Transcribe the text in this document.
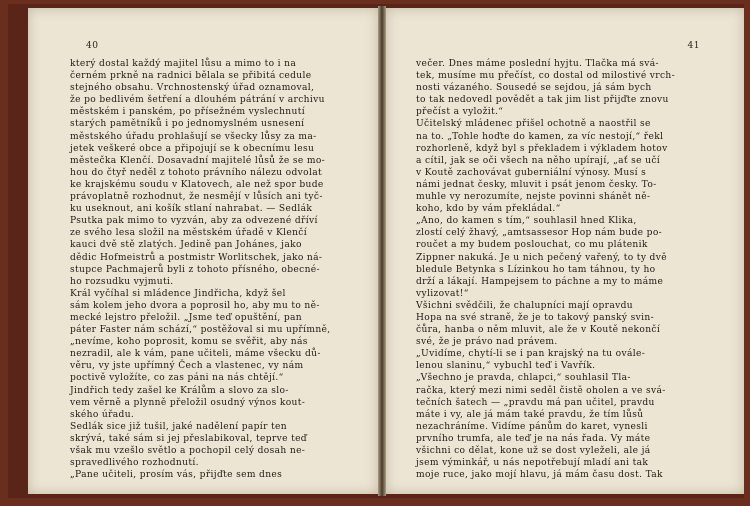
40
který dostal každý majitel lůsu a mimo to i na
černém prkně na radnici bělala se přibitá cedule
stejného obsahu. Vrchnostenský úřad oznamoval,
že po bedlivém šetření a dlouhém pátrání v archivu
městském i panském, po přísežném vyslechnutí
starých pamětníků i po jednomyslném usnesení
městského úřadu prohlašují se všecky lůsy za ma-
jetek veškeré obce a připojují se k obecnímu lesu
městečka Klenčí. Dosavadní majitelé lůsů že se mo-
hou do čtyř neděl z tohoto právního nálezu odvolat
ke krajskému soudu v Klatovech, ale než spor bude
právoplatně rozhodnut, že nesmějí v lůsích ani tyč-
ku useknout, ani košík stlaní nahrabat. — Sedlák
Psutka pak mimo to vyzván, aby za odvezené dříví
ze svého lesa složil na městském úřadě v Klenčí
kauci dvě stě zlatých. Jedině pan Johánes, jako
dědic Hofmeistrů a postmistr Worlitschek, jako ná-
stupce Pachmajerů byli z tohoto přísného, obecné-
ho rozsudku vyjmuti.
Král vyčíhal si mládence Jindřicha, když šel
sám kolem jeho dvora a poprosil ho, aby mu to ně-
mecké lejstro přeložil. „Jsme teď opuštění, pan
páter Faster nám schází,“ postěžoval si mu upřímně,
„nevíme, koho poprosit, komu se svěřit, aby nás
nezradil, ale k vám, pane učiteli, máme všecku dů-
věru, vy jste upřímný Čech a vlastenec, vy nám
poctivě vyložíte, co zas páni na nás chtějí.“
Jindřich tedy zašel ke Králům a slovo za slo-
vem věrně a plynně přeložil osudný výnos kout-
ského úřadu.
Sedlák sice již tušil, jaké nadělení papír ten
skrývá, také sám si jej přeslabikoval, teprve teď
však mu vzešlo světlo a pochopil celý dosah ne-
spravedlivého rozhodnutí.
„Pane učiteli, prosím vás, přijďte sem dnes
41
večer. Dnes máme poslední hyjtu. Tlačka má svá-
tek, musíme mu přečíst, co dostal od milostivé vrch-
nosti vázaného. Sousedé se sejdou, já sám bych
to tak nedovedl povědět a tak jim list přijďte znovu
přečíst a vyložit.“
Učitelský mládenec přišel ochotně a naostřil se
na to. „Tohle hoďte do kamen, za víc nestojí,“ řekl
rozhorleně, když byl s překladem i výkladem hotov
a cítil, jak se oči všech na něho upírají, „ať se učí
v Koutě zachovávat guberniální výnosy. Musí s
námi jednat česky, mluvit i psát jenom česky. To-
muhle vy nerozumíte, nejste povinni shánět ně-
koho, kdo by vám překládal.“
„Ano, do kamen s tím,“ souhlasil hned Klika,
zlostí celý žhavý, „amtsassesor Hop nám bude po-
roučet a my budem poslouchat, co mu plátenik
Zippner nakuká. Je u nich pečený vařený, to ty dvě
bledule Betynka s Lízinkou ho tam táhnou, ty ho
drží a lákají. Hampejsem to páchne a my to máme
vylizovat!“
Všichni svědčili, že chalupníci mají opravdu
Hopa na své straně, že je to takový panský svin-
čůra, hanba o něm mluvit, ale že v Koutě nekončí
své, že je právo nad právem.
„Uvidíme, chytí-li se i pan krajský na tu ovále-
lenou slaninu,“ vybuchl teď i Vavřík.
„Všechno je pravda, chlapci,“ souhlasil Tla-
račka, který mezi nimi seděl čistě oholen a ve svá-
tečních šatech — „pravdu má pan učitel, pravdu
máte i vy, ale já mám také pravdu, že tím lůsů
nezachráníme. Vidíme pánům do karet, vynesli
prvního trumfa, ale teď je na nás řada. Vy máte
všichni co dělat, kone už se dost vyleželi, ale já
jsem výminkář, u nás nepotřebují mladí ani tak
moje ruce, jako mojí hlavu, já mám času dost. Tak
